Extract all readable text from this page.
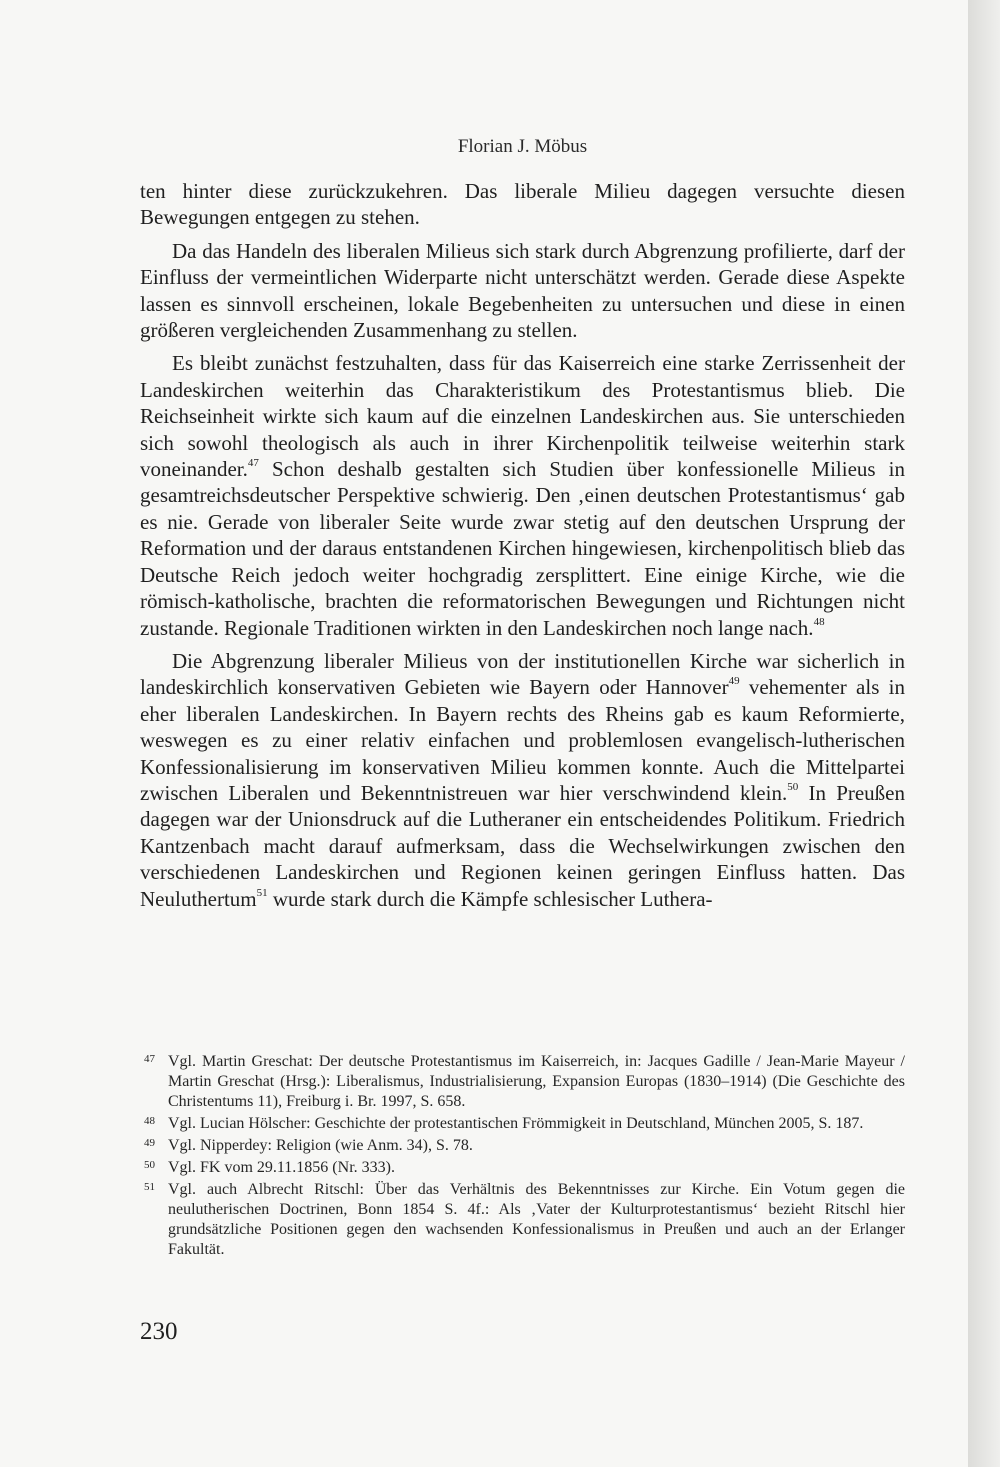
Florian J. Möbus

ten hinter diese zurückzukehren. Das liberale Milieu dagegen versuchte diesen Bewegungen entgegen zu stehen.

Da das Handeln des liberalen Milieus sich stark durch Abgrenzung profilierte, darf der Einfluss der vermeintlichen Widerparte nicht unterschätzt werden. Gerade diese Aspekte lassen es sinnvoll erscheinen, lokale Begebenheiten zu untersuchen und diese in einen größeren vergleichenden Zusammenhang zu stellen.

Es bleibt zunächst festzuhalten, dass für das Kaiserreich eine starke Zerrissenheit der Landeskirchen weiterhin das Charakteristikum des Protestantismus blieb. Die Reichseinheit wirkte sich kaum auf die einzelnen Landeskirchen aus. Sie unterschieden sich sowohl theologisch als auch in ihrer Kirchenpolitik teilweise weiterhin stark voneinander.$^{47}$ Schon deshalb gestalten sich Studien über konfessionelle Milieus in gesamtreichsdeutscher Perspektive schwierig. Den ‚einen deutschen Protestantismus‘ gab es nie. Gerade von liberaler Seite wurde zwar stetig auf den deutschen Ursprung der Reformation und der daraus entstandenen Kirchen hingewiesen, kirchenpolitisch blieb das Deutsche Reich jedoch weiter hochgradig zersplittert. Eine einige Kirche, wie die römisch-katholische, brachten die reformatorischen Bewegungen und Richtungen nicht zustande. Regionale Traditionen wirkten in den Landeskirchen noch lange nach.$^{48}$

Die Abgrenzung liberaler Milieus von der institutionellen Kirche war sicherlich in landeskirchlich konservativen Gebieten wie Bayern oder Hannover$^{49}$ vehementer als in eher liberalen Landeskirchen. In Bayern rechts des Rheins gab es kaum Reformierte, weswegen es zu einer relativ einfachen und problemlosen evangelisch-lutherischen Konfessionalisierung im konservativen Milieu kommen konnte. Auch die Mittelpartei zwischen Liberalen und Bekenntnistreuen war hier verschwindend klein.$^{50}$ In Preußen dagegen war der Unionsdruck auf die Lutheraner ein entscheidendes Politikum. Friedrich Kantzenbach macht darauf aufmerksam, dass die Wechselwirkungen zwischen den verschiedenen Landeskirchen und Regionen keinen geringen Einfluss hatten. Das Neuluthertum$^{51}$ wurde stark durch die Kämpfe schlesischer Luthera-

47 Vgl. Martin Greschat: Der deutsche Protestantismus im Kaiserreich, in: Jacques Gadille / Jean-Marie Mayeur / Martin Greschat (Hrsg.): Liberalismus, Industrialisierung, Expansion Europas (1830–1914) (Die Geschichte des Christentums 11), Freiburg i. Br. 1997, S. 658.
48 Vgl. Lucian Hölscher: Geschichte der protestantischen Frömmigkeit in Deutschland, München 2005, S. 187.
49 Vgl. Nipperdey: Religion (wie Anm. 34), S. 78.
50 Vgl. FK vom 29.11.1856 (Nr. 333).
51 Vgl. auch Albrecht Ritschl: Über das Verhältnis des Bekenntnisses zur Kirche. Ein Votum gegen die neulutherischen Doctrinen, Bonn 1854 S. 4f.: Als ‚Vater der Kulturprotestantismus‘ bezieht Ritschl hier grundsätzliche Positionen gegen den wachsenden Konfessionalismus in Preußen und auch an der Erlanger Fakultät.
230
